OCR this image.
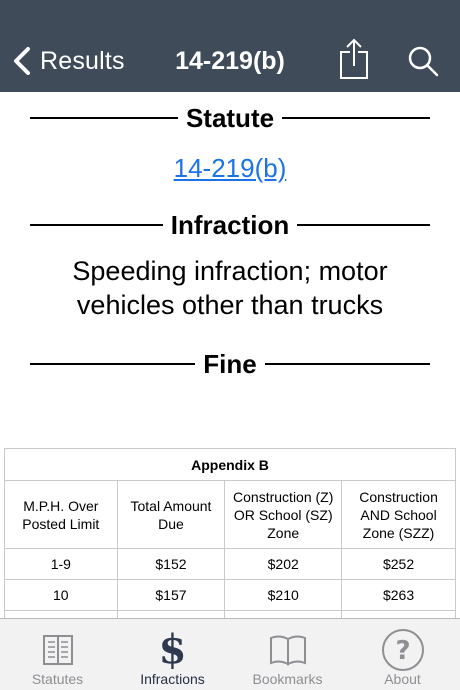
Results	14-219(b)
Statute
14-219(b)
Infraction
Speeding infraction; motor vehicles other than trucks
Fine
Appendix B			
M.P.H. Over Posted Limit	Total Amount Due	Construction (Z) OR School (SZ) Zone	Construction AND School Zone (SZZ)
1-9	$152	$202	$252
10	$157	$210	$263

Statutes
$
Infractions	Bookmarks
?
About
